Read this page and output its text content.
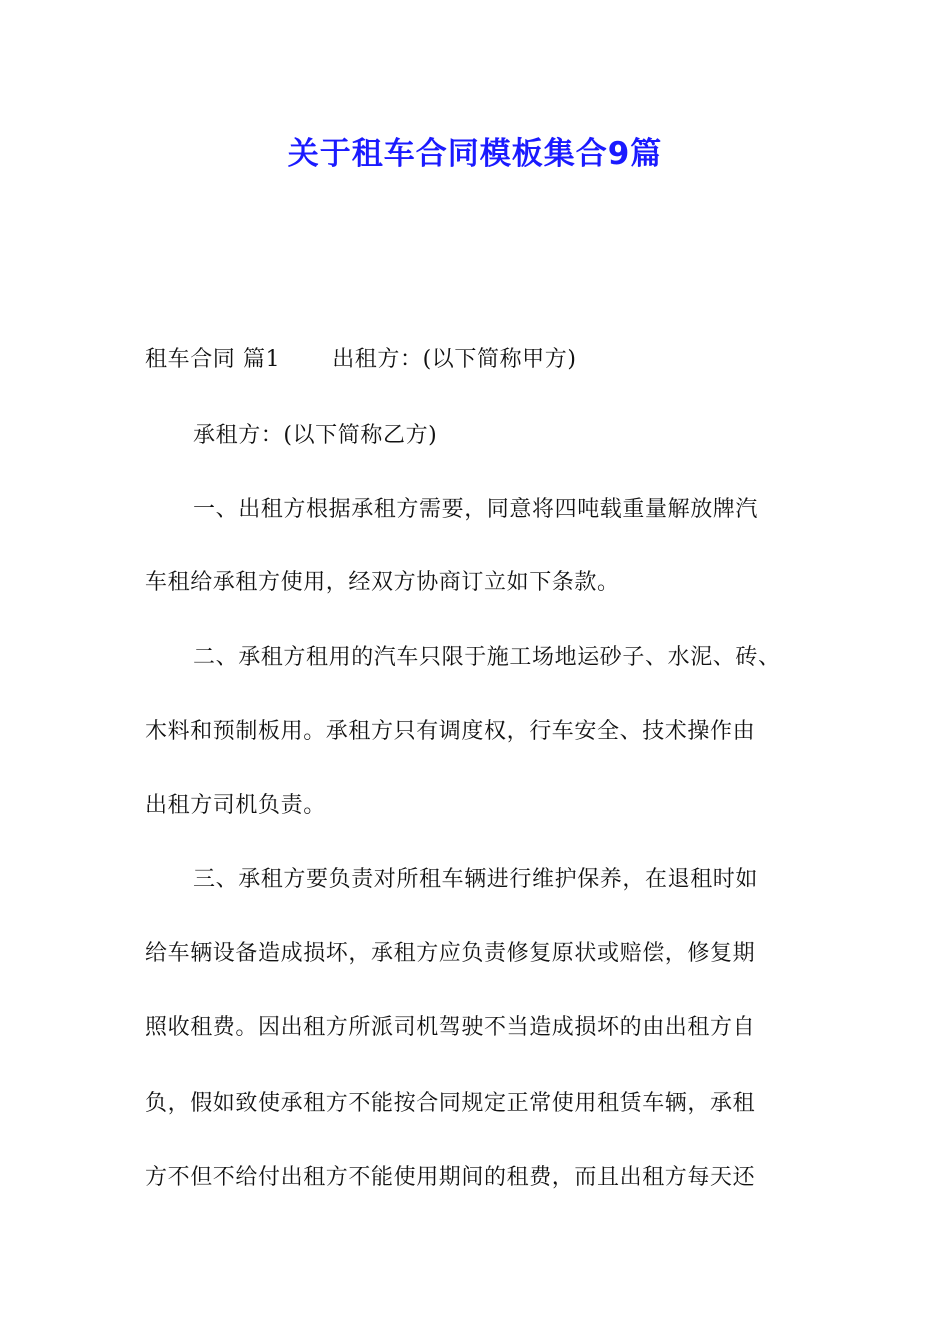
关于租车合同模板集合9篇
租车合同 篇1 出租方：(以下简称甲方)
承租方：(以下简称乙方)
一、出租方根据承租方需要，同意将四吨载重量解放牌汽
车租给承租方使用，经双方协商订立如下条款。
二、承租方租用的汽车只限于施工场地运砂子、水泥、砖、
木料和预制板用。承租方只有调度权，行车安全、技术操作由
出租方司机负责。
三、承租方要负责对所租车辆进行维护保养，在退租时如
给车辆设备造成损坏，承租方应负责修复原状或赔偿，修复期
照收租费。因出租方所派司机驾驶不当造成损坏的由出租方自
负，假如致使承租方不能按合同规定正常使用租赁车辆，承租
方不但不给付出租方不能使用期间的租费，而且出租方每天还
